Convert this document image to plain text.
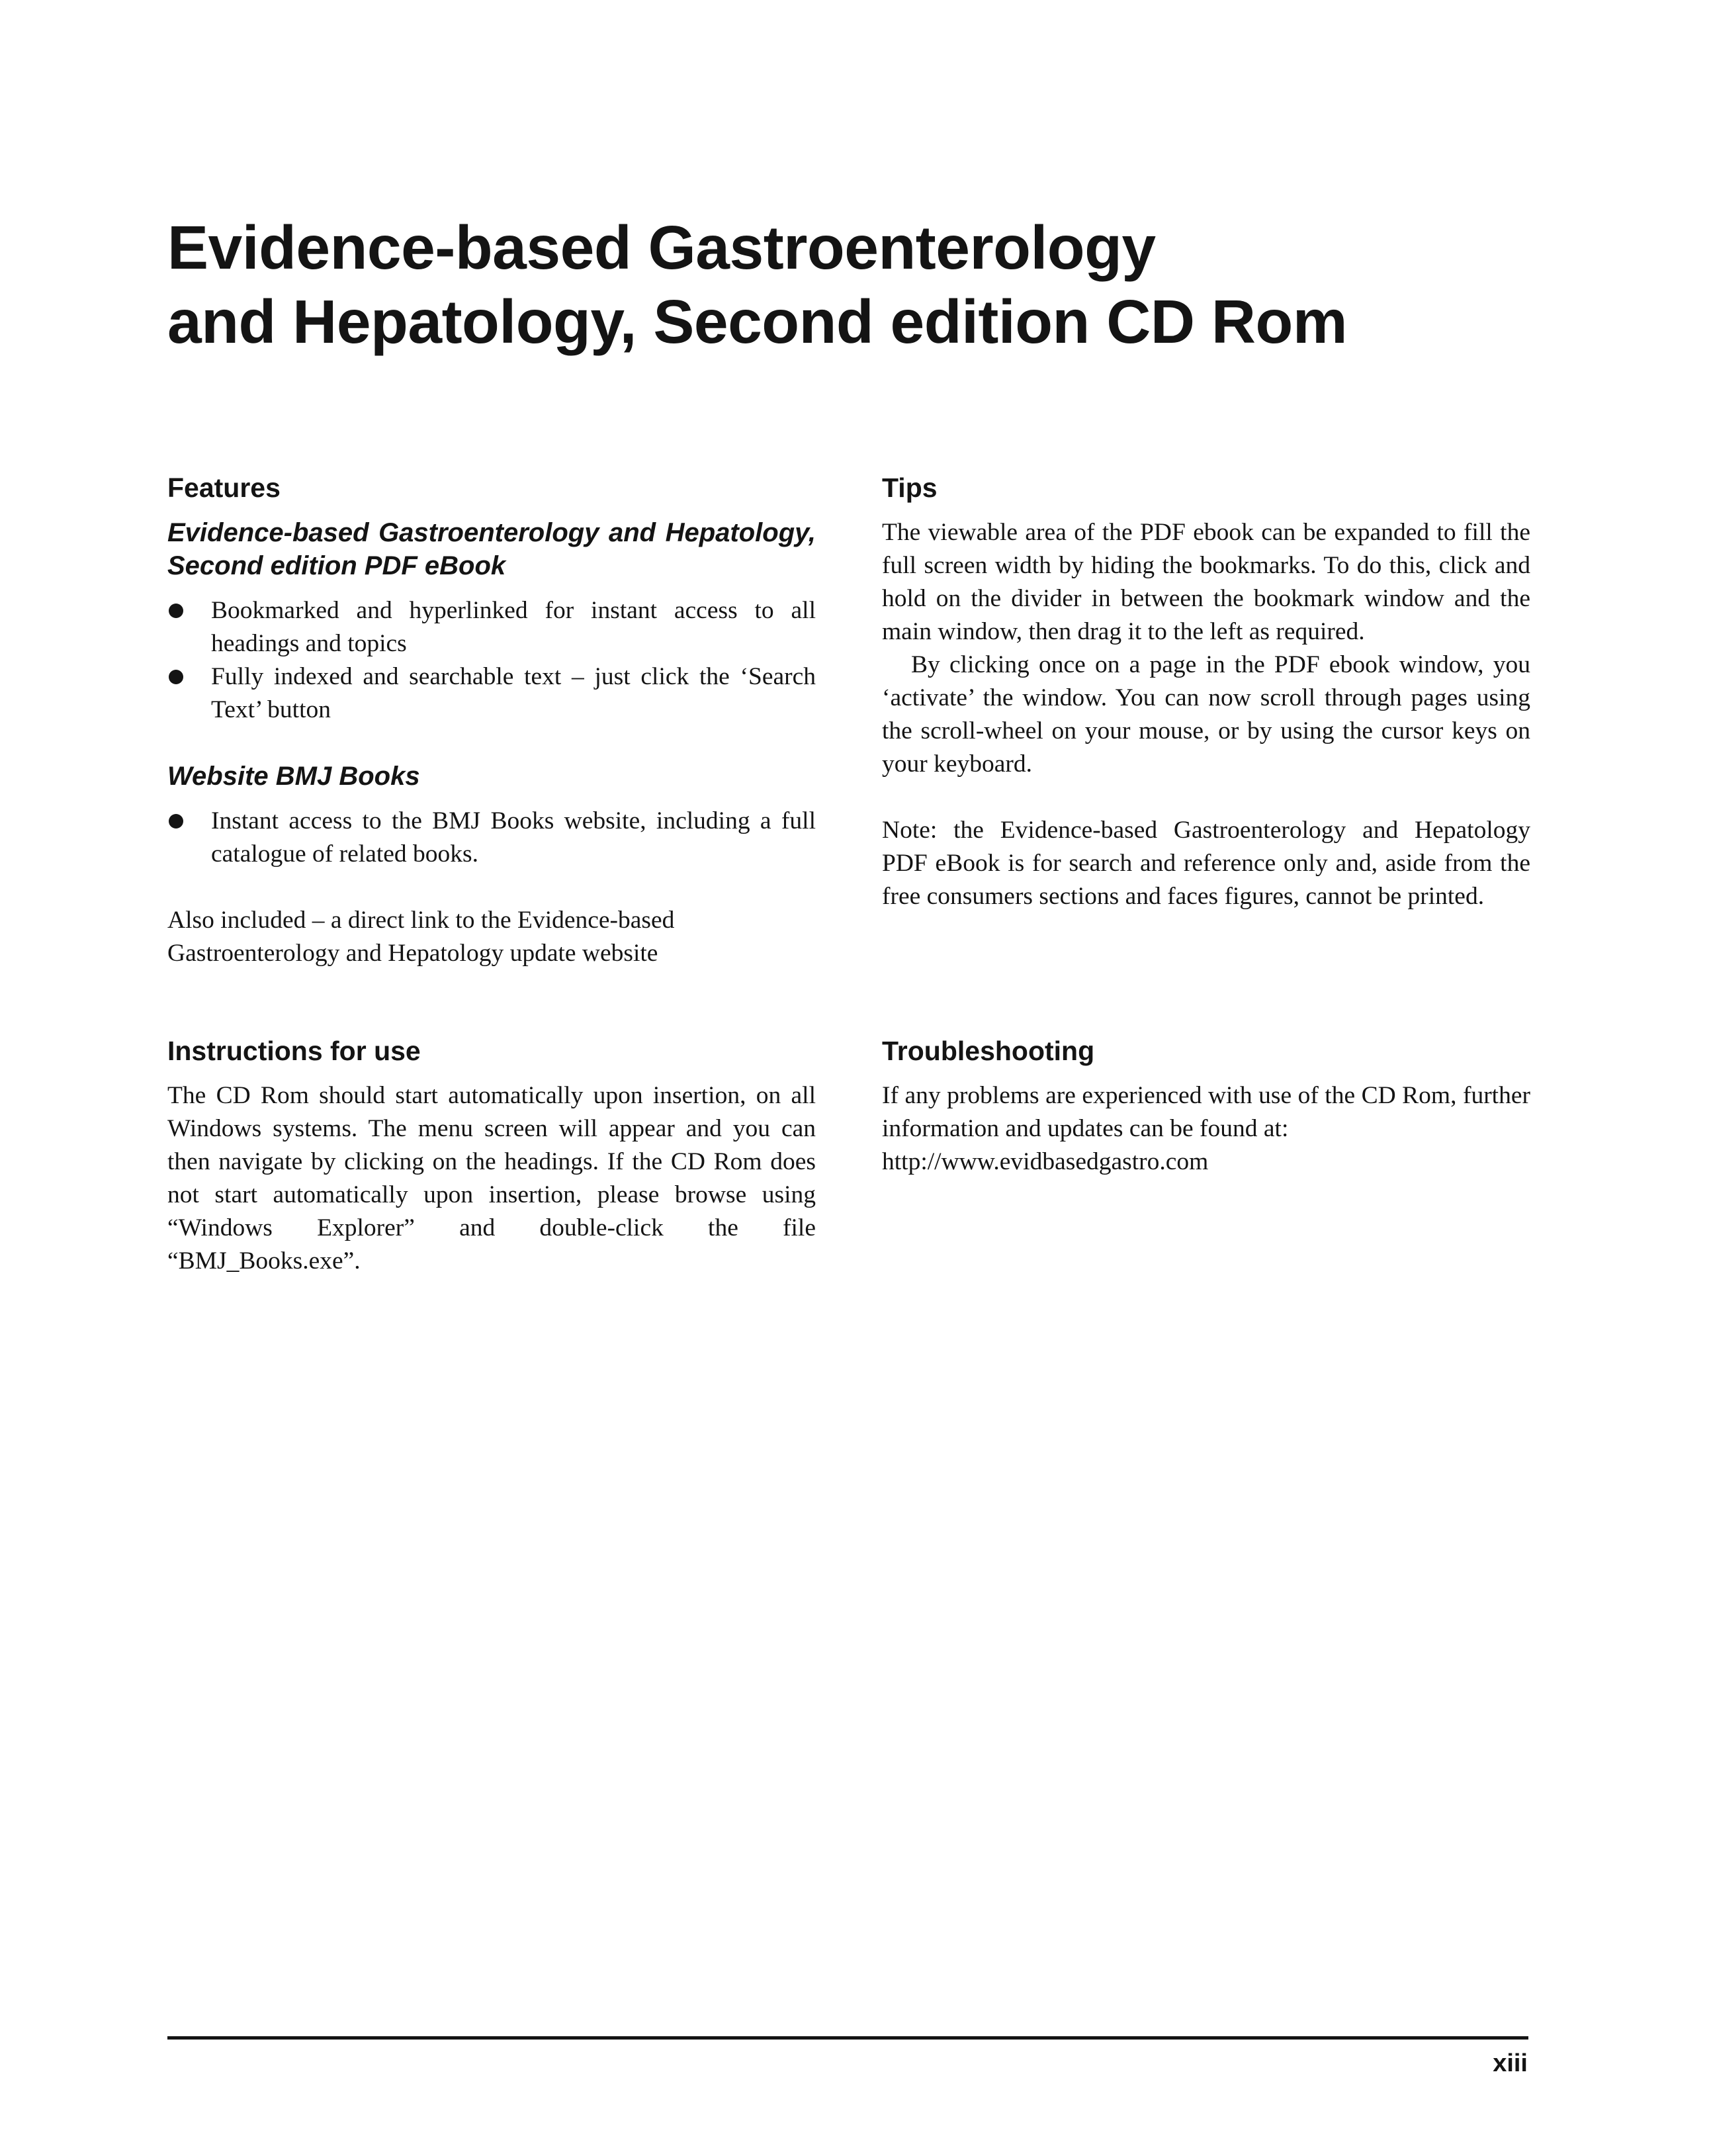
Evidence-based Gastroenterology
and Hepatology, Second edition CD Rom
Features
Evidence-based Gastroenterology and Hepatology, Second edition PDF eBook
Bookmarked and hyperlinked for instant access to all headings and topics
Fully indexed and searchable text – just click the ‘Search Text’ button
Website BMJ Books
Instant access to the BMJ Books website, including a full catalogue of related books.

Also included – a direct link to the Evidence-based Gastroenterology and Hepatology update website

Instructions for use

The CD Rom should start automatically upon insertion, on all Windows systems. The menu screen will appear and you can then navigate by clicking on the headings. If the CD Rom does not start automatically upon insertion, please browse using “Windows Explorer” and double-click the file “BMJ_Books.exe”.

Tips

The viewable area of the PDF ebook can be expanded to fill the full screen width by hiding the bookmarks. To do this, click and hold on the divider in between the bookmark window and the main window, then drag it to the left as required.

By clicking once on a page in the PDF ebook window, you ‘activate’ the window. You can now scroll through pages using the scroll-wheel on your mouse, or by using the cursor keys on your keyboard.

Note: the Evidence-based Gastroenterology and Hepatology PDF eBook is for search and reference only and, aside from the free consumers sections and faces figures, cannot be printed.

Troubleshooting

If any problems are experienced with use of the CD Rom, further information and updates can be found at:

http://www.evidbasedgastro.com

xiii
